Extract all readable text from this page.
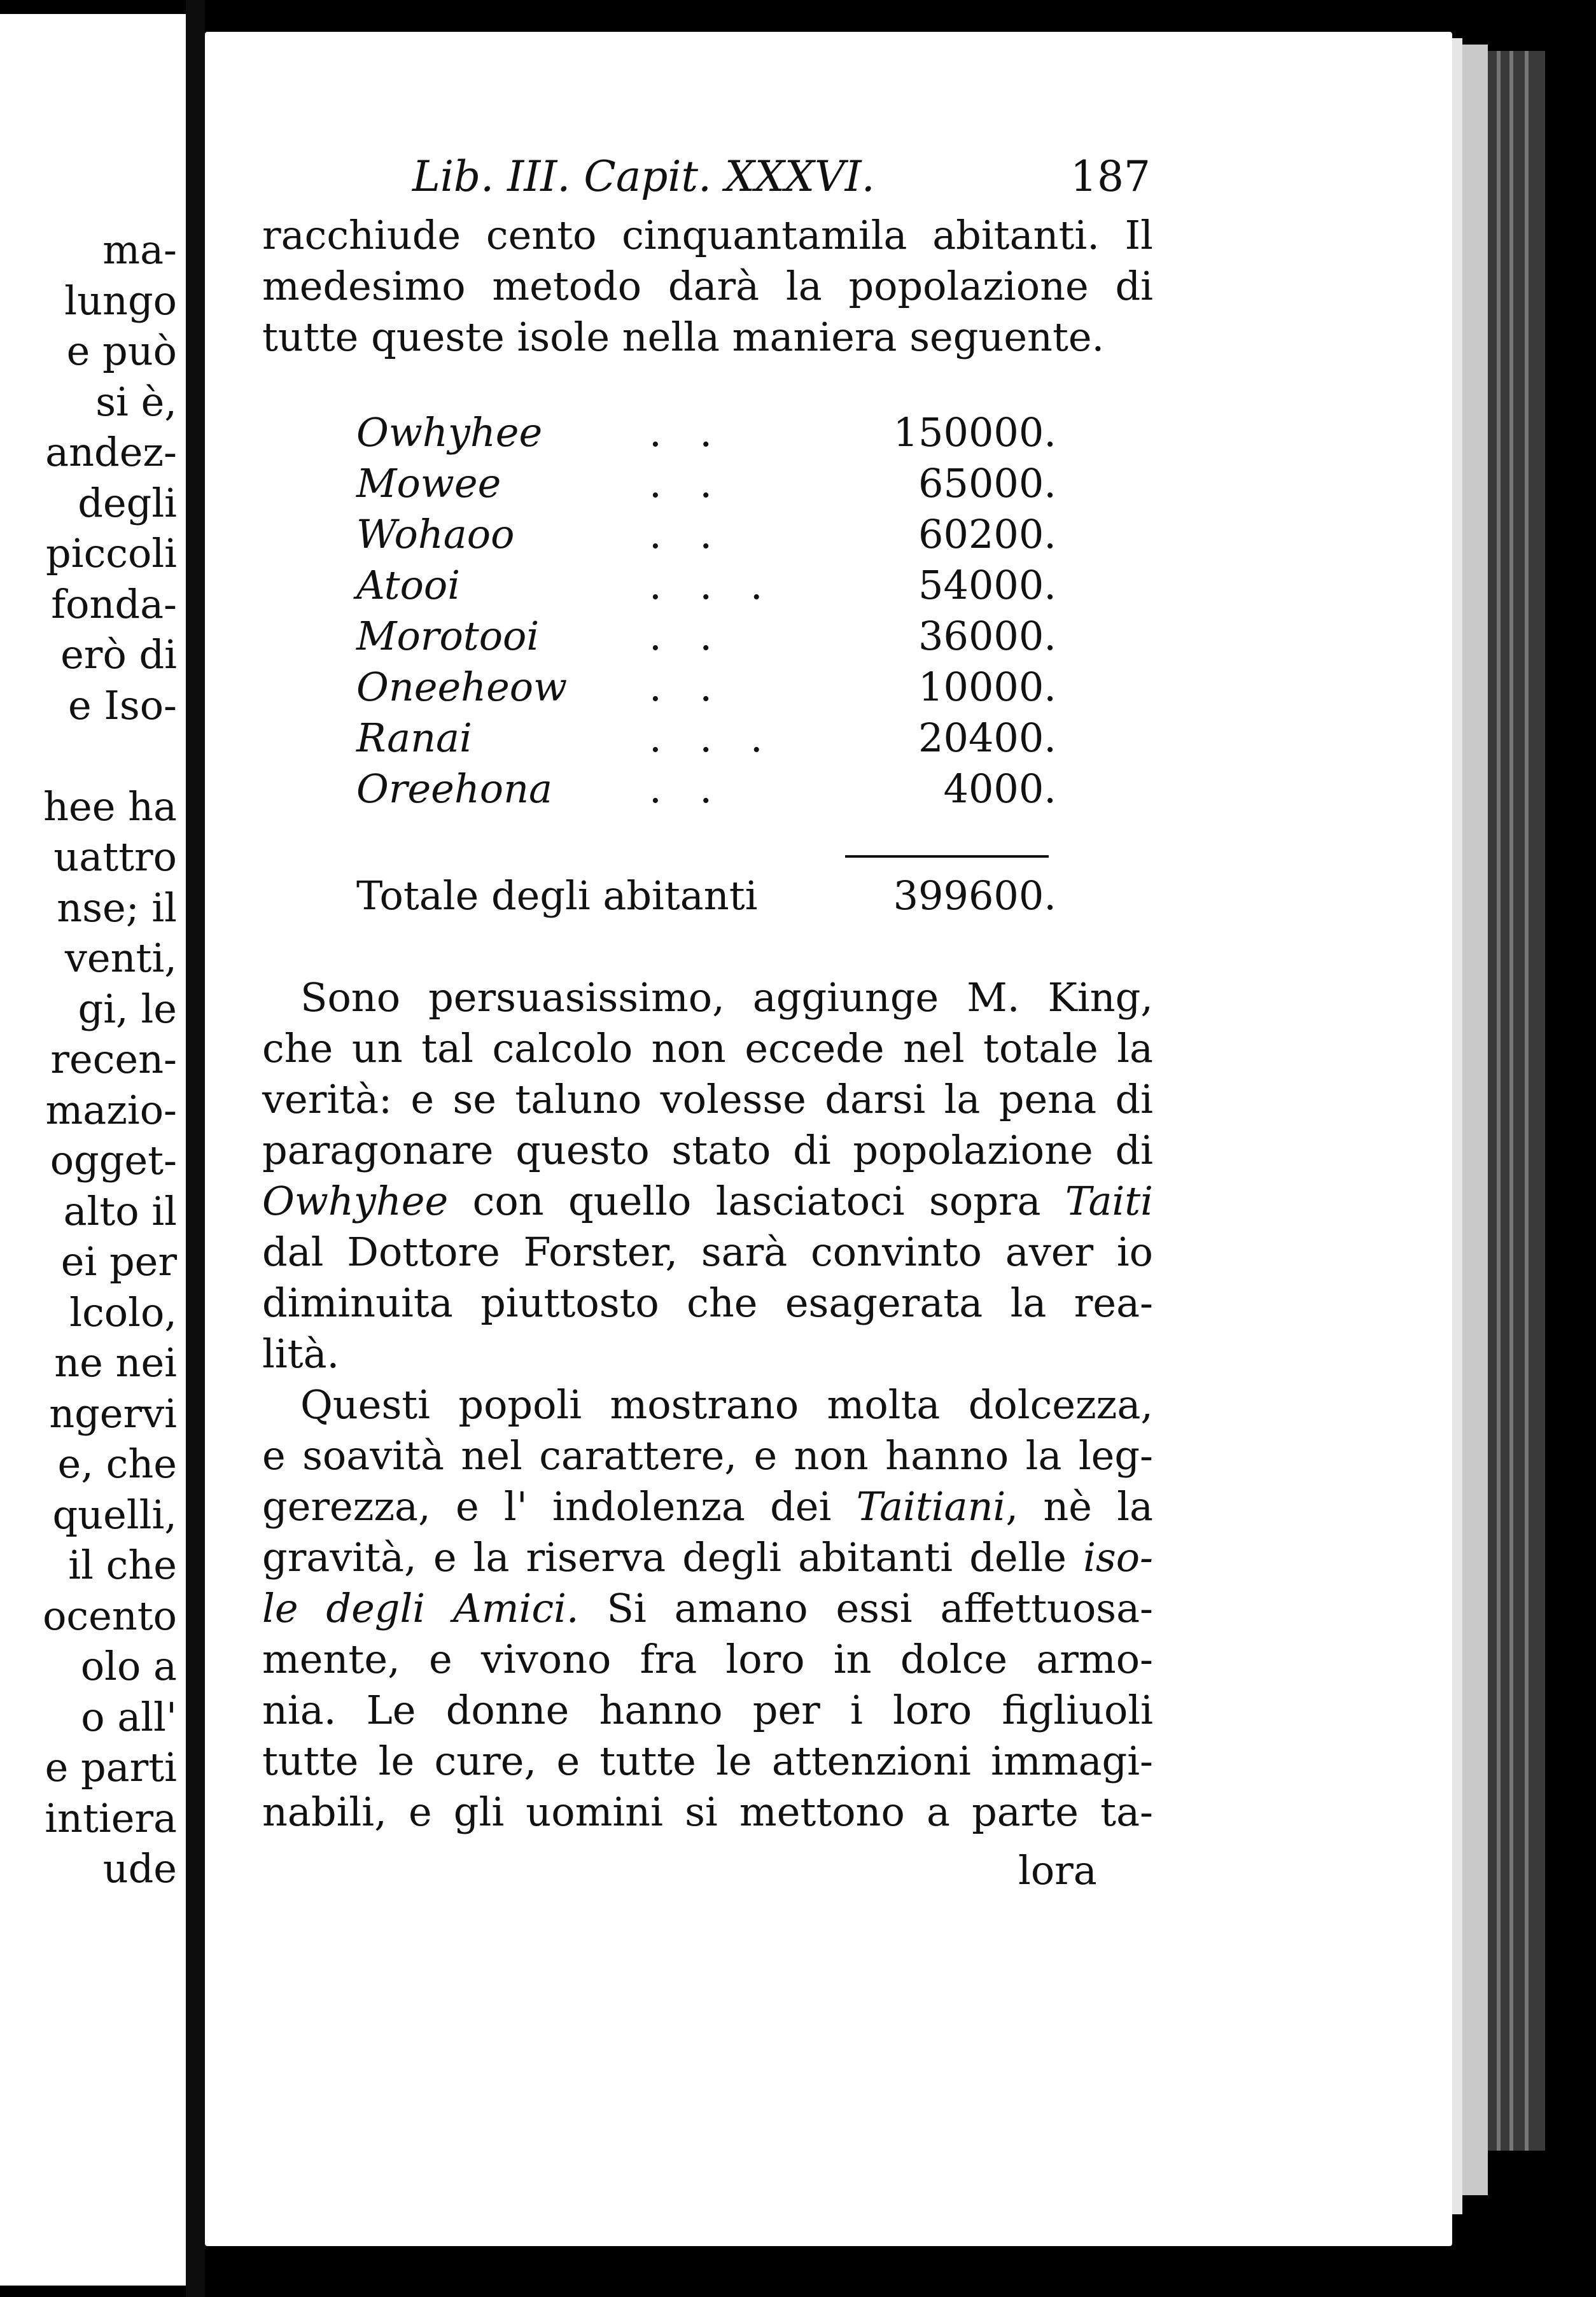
ma-
lungo
e può
si è,
andez-
degli
piccoli
fonda-
erò di
e Iso-
hee ha
uattro
nse; il
venti,
gi, le
recen-
mazio-
ogget-
alto il
ei per
lcolo,
ne nei
ngervi
e, che
quelli,
il che
ocento
olo a
o all'
e parti
intiera
ude
Lib. III. Capit. XXXVI.	187
racchiude cento cinquantamila abitanti. Il
medesimo metodo darà la popolazione di
tutte queste isole nella maniera seguente.
Owhyhee	. .	150000.
Mowee	. .	65000.
Wohaoo	. .	60200.
Atooi	. . .	54000.
Morotooi	. .	36000.
Oneeheow . .	10000.
Ranai	. . .	20400.
Oreehona . .	4000.
Totale degli abitanti	399600.
Sono persuasissimo, aggiunge M. King,
che un tal calcolo non eccede nel totale la
verità: e se taluno volesse darsi la pena di
paragonare questo stato di popolazione di
Owhyhee con quello lasciatoci sopra Taiti
dal Dottore Forster, sarà convinto aver io
diminuita piuttosto che esagerata la rea-
lità.
Questi popoli mostrano molta dolcezza,
e soavità nel carattere, e non hanno la leg-
gerezza, e l' indolenza dei Taitiani, nè la
gravità, e la riserva degli abitanti delle iso-
le degli Amici. Si amano essi affettuosa-
mente, e vivono fra loro in dolce armo-
nia. Le donne hanno per i loro figliuoli
tutte le cure, e tutte le attenzioni immagi-
nabili, e gli uomini si mettono a parte ta-
lora
